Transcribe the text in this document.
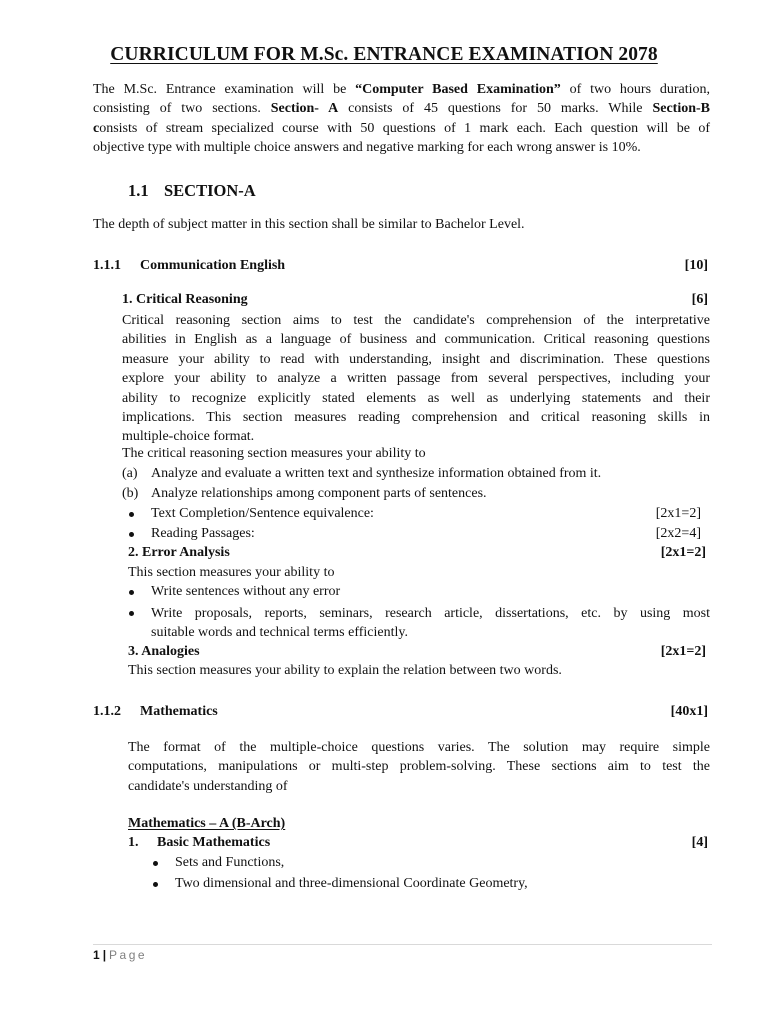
CURRICULUM FOR M.Sc. ENTRANCE EXAMINATION 2078
The M.Sc. Entrance examination will be “Computer Based Examination” of two hours duration,
consisting of two sections. Section- A consists of 45 questions for 50 marks. While Section-B
consists of stream specialized course with 50 questions of 1 mark each. Each question will be of
objective type with multiple choice answers and negative marking for each wrong answer is 10%.
1.1 SECTION-A
The depth of subject matter in this section shall be similar to Bachelor Level.
1.1.1 Communication English	[10]
1. Critical Reasoning	[6]
Critical reasoning section aims to test the candidate's comprehension of the interpretative
abilities in English as a language of business and communication. Critical reasoning questions
measure your ability to read with understanding, insight and discrimination. These questions
explore your ability to analyze a written passage from several perspectives, including your
ability to recognize explicitly stated elements as well as underlying statements and their
implications. This section measures reading comprehension and critical reasoning skills in
multiple-choice format.
The critical reasoning section measures your ability to
(a) Analyze and evaluate a written text and synthesize information obtained from it.
(b) Analyze relationships among component parts of sentences.
Text Completion/Sentence equivalence:	[2x1=2]
Reading Passages:	[2x2=4]
2. Error Analysis	[2x1=2]
This section measures your ability to
Write sentences without any error
Write proposals, reports, seminars, research article, dissertations, etc. by using most
suitable words and technical terms efficiently.
3. Analogies	[2x1=2]
This section measures your ability to explain the relation between two words.
1.1.2 Mathematics	[40x1]
The format of the multiple-choice questions varies. The solution may require simple
computations, manipulations or multi-step problem-solving. These sections aim to test the
candidate's understanding of
Mathematics – A (B-Arch)
1. Basic Mathematics	[4]
Sets and Functions,
Two dimensional and three-dimensional Coordinate Geometry,
1 | Page
